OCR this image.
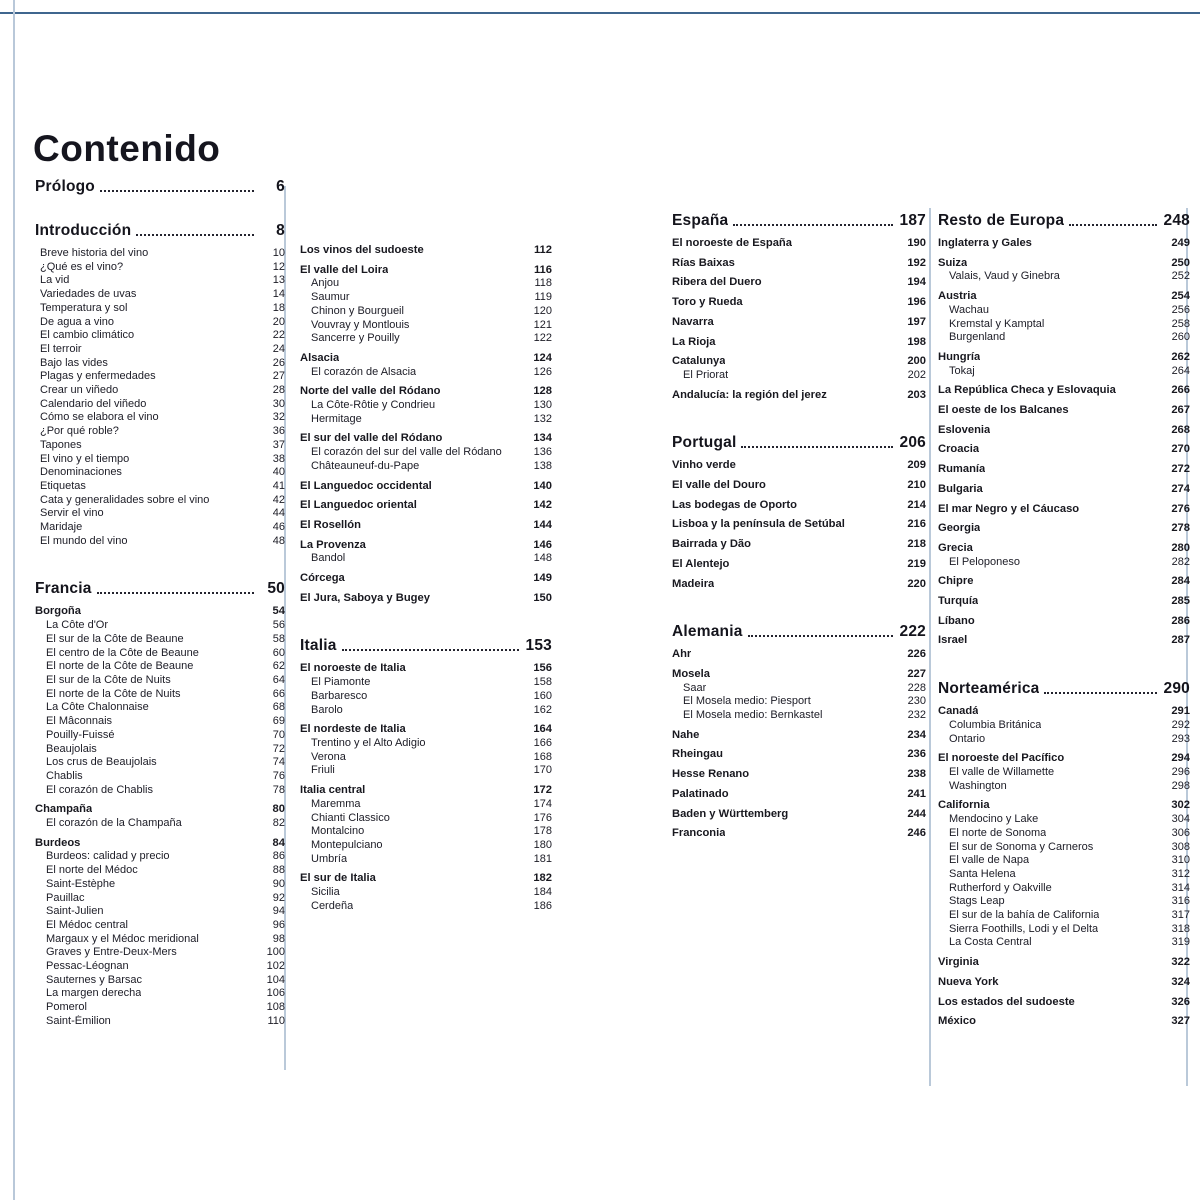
Contenido
Prólogo	6
Introducción	8
Breve historia del vino	10
¿Qué es el vino?	12
La vid	13
Variedades de uvas	14
Temperatura y sol	18
De agua a vino	20
El cambio climático	22
El terroir	24
Bajo las vides	26
Plagas y enfermedades	27
Crear un viñedo	28
Calendario del viñedo	30
Cómo se elabora el vino	32
¿Por qué roble?	36
Tapones	37
El vino y el tiempo	38
Denominaciones	40
Etiquetas	41
Cata y generalidades sobre el vino	42
Servir el vino	44
Maridaje	46
El mundo del vino	48
Francia	50
Borgoña	54
La Côte d'Or	56
El sur de la Côte de Beaune	58
El centro de la Côte de Beaune	60
El norte de la Côte de Beaune	62
El sur de la Côte de Nuits	64
El norte de la Côte de Nuits	66
La Côte Chalonnaise	68
El Mâconnais	69
Pouilly-Fuissé	70
Beaujolais	72
Los crus de Beaujolais	74
Chablis	76
El corazón de Chablis	78
Champaña	80
El corazón de la Champaña	82
Burdeos	84
Burdeos: calidad y precio	86
El norte del Médoc	88
Saint-Estèphe	90
Pauillac	92
Saint-Julien	94
El Médoc central	96
Margaux y el Médoc meridional	98
Graves y Entre-Deux-Mers	100
Pessac-Léognan	102
Sauternes y Barsac	104
La margen derecha	106
Pomerol	108
Saint-Émilion	110
Los vinos del sudoeste	112
El valle del Loira	116
Anjou	118
Saumur	119
Chinon y Bourgueil	120
Vouvray y Montlouis	121
Sancerre y Pouilly	122
Alsacia	124
El corazón de Alsacia	126
Norte del valle del Ródano	128
La Côte-Rôtie y Condrieu	130
Hermitage	132
El sur del valle del Ródano	134
El corazón del sur del valle del Ródano	136
Châteauneuf-du-Pape	138
El Languedoc occidental	140
El Languedoc oriental	142
El Rosellón	144
La Provenza	146
Bandol	148
Córcega	149
El Jura, Saboya y Bugey	150
Italia	153
El noroeste de Italia	156
El Piamonte	158
Barbaresco	160
Barolo	162
El nordeste de Italia	164
Trentino y el Alto Adigio	166
Verona	168
Friuli	170
Italia central	172
Maremma	174
Chianti Classico	176
Montalcino	178
Montepulciano	180
Umbría	181
El sur de Italia	182
Sicilia	184
Cerdeña	186
España	187
El noroeste de España	190
Rías Baixas	192
Ribera del Duero	194
Toro y Rueda	196
Navarra	197
La Rioja	198
Catalunya	200
El Priorat	202
Andalucía: la región del jerez	203
Portugal	206
Vinho verde	209
El valle del Douro	210
Las bodegas de Oporto	214
Lisboa y la península de Setúbal	216
Bairrada y Dão	218
El Alentejo	219
Madeira	220
Alemania	222
Ahr	226
Mosela	227
Saar	228
El Mosela medio: Piesport	230
El Mosela medio: Bernkastel	232
Nahe	234
Rheingau	236
Hesse Renano	238
Palatinado	241
Baden y Württemberg	244
Franconia	246
Resto de Europa	248
Inglaterra y Gales	249
Suiza	250
Valais, Vaud y Ginebra	252
Austria	254
Wachau	256
Kremstal y Kamptal	258
Burgenland	260
Hungría	262
Tokaj	264
La República Checa y Eslovaquia	266
El oeste de los Balcanes	267
Eslovenia	268
Croacia	270
Rumanía	272
Bulgaria	274
El mar Negro y el Cáucaso	276
Georgia	278
Grecia	280
El Peloponeso	282
Chipre	284
Turquía	285
Líbano	286
Israel	287
Norteamérica	290
Canadá	291
Columbia Británica	292
Ontario	293
El noroeste del Pacífico	294
El valle de Willamette	296
Washington	298
California	302
Mendocino y Lake	304
El norte de Sonoma	306
El sur de Sonoma y Carneros	308
El valle de Napa	310
Santa Helena	312
Rutherford y Oakville	314
Stags Leap	316
El sur de la bahía de California	317
Sierra Foothills, Lodi y el Delta	318
La Costa Central	319
Virginia	322
Nueva York	324
Los estados del sudoeste	326
México	327
